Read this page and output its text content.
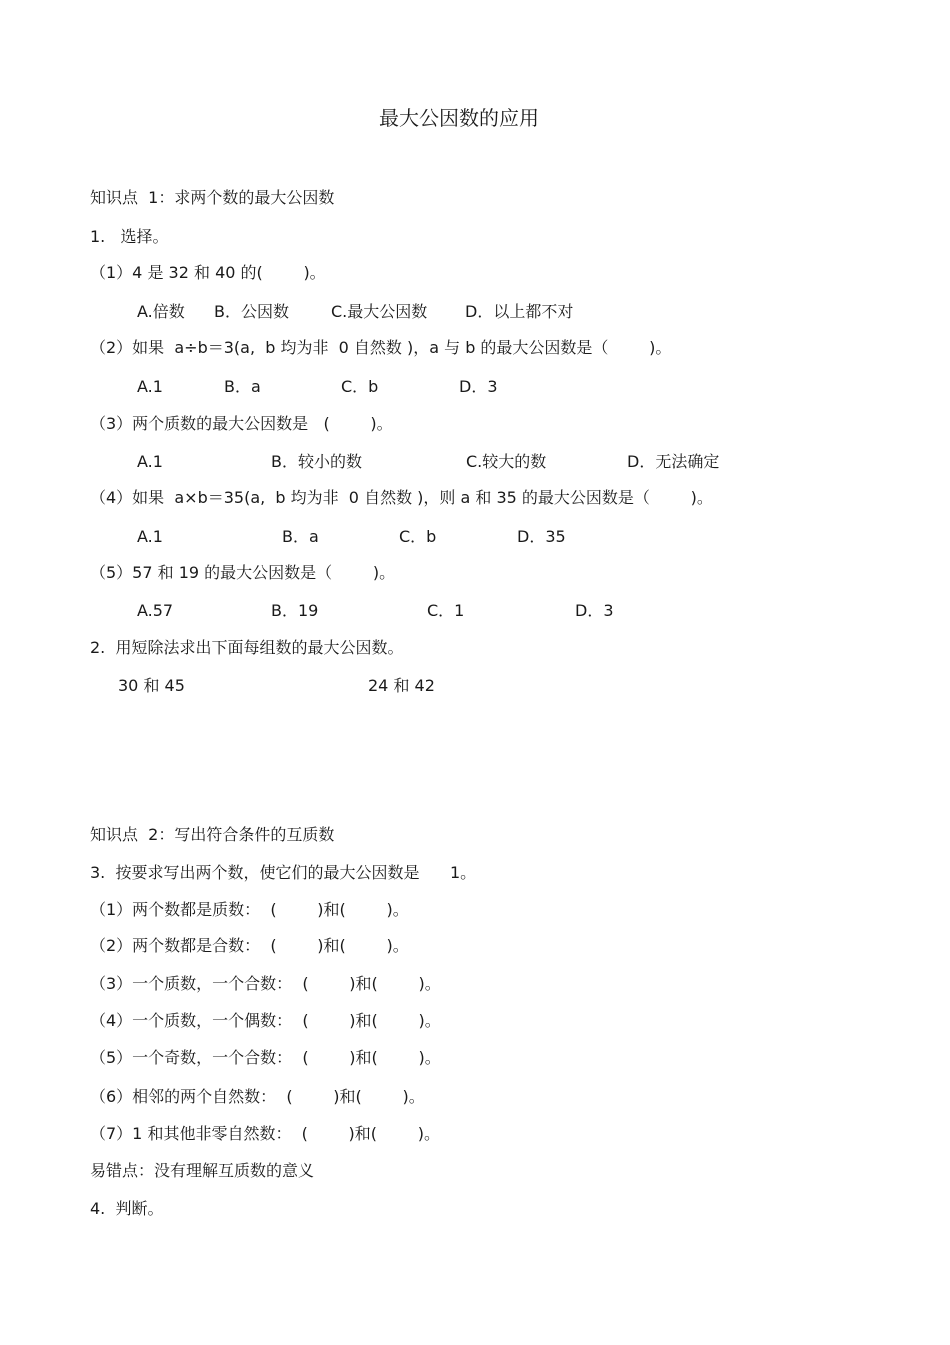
最大公因数的应用
知识点  1：求两个数的最大公因数
1.   选择。
（1）4 是 32 和 40 的(        )。
A.倍数 B．公因数	C.最大公因数 D．以上都不对
（2）如果  a÷b＝3(a,  b 均为非  0 自然数 )，a 与 b 的最大公因数是（        )。
A.1	B．a	C．b	D．3
（3）两个质数的最大公因数是   (        )。
A.1	B．较小的数	C.较大的数	D．无法确定
（4）如果  a×b＝35(a,  b 均为非  0 自然数 )，则 a 和 35 的最大公因数是（        )。
A.1	B．a	C．b	D．35
（5）57 和 19 的最大公因数是（        )。
A.57	B．19	C．1	D．3
2.  用短除法求出下面每组数的最大公因数。
30 和 45	24 和 42
知识点  2：写出符合条件的互质数
3.  按要求写出两个数，使它们的最大公因数是      1。
（1）两个数都是质数：  (        )和(        )。
（2）两个数都是合数：  (        )和(        )。
（3）一个质数，一个合数：  (        )和(        )。
（4）一个质数，一个偶数：  (        )和(        )。
（5）一个奇数，一个合数：  (        )和(        )。
（6）相邻的两个自然数：  (        )和(        )。
（7）1 和其他非零自然数：  (        )和(        )。
易错点：没有理解互质数的意义
4.  判断。
